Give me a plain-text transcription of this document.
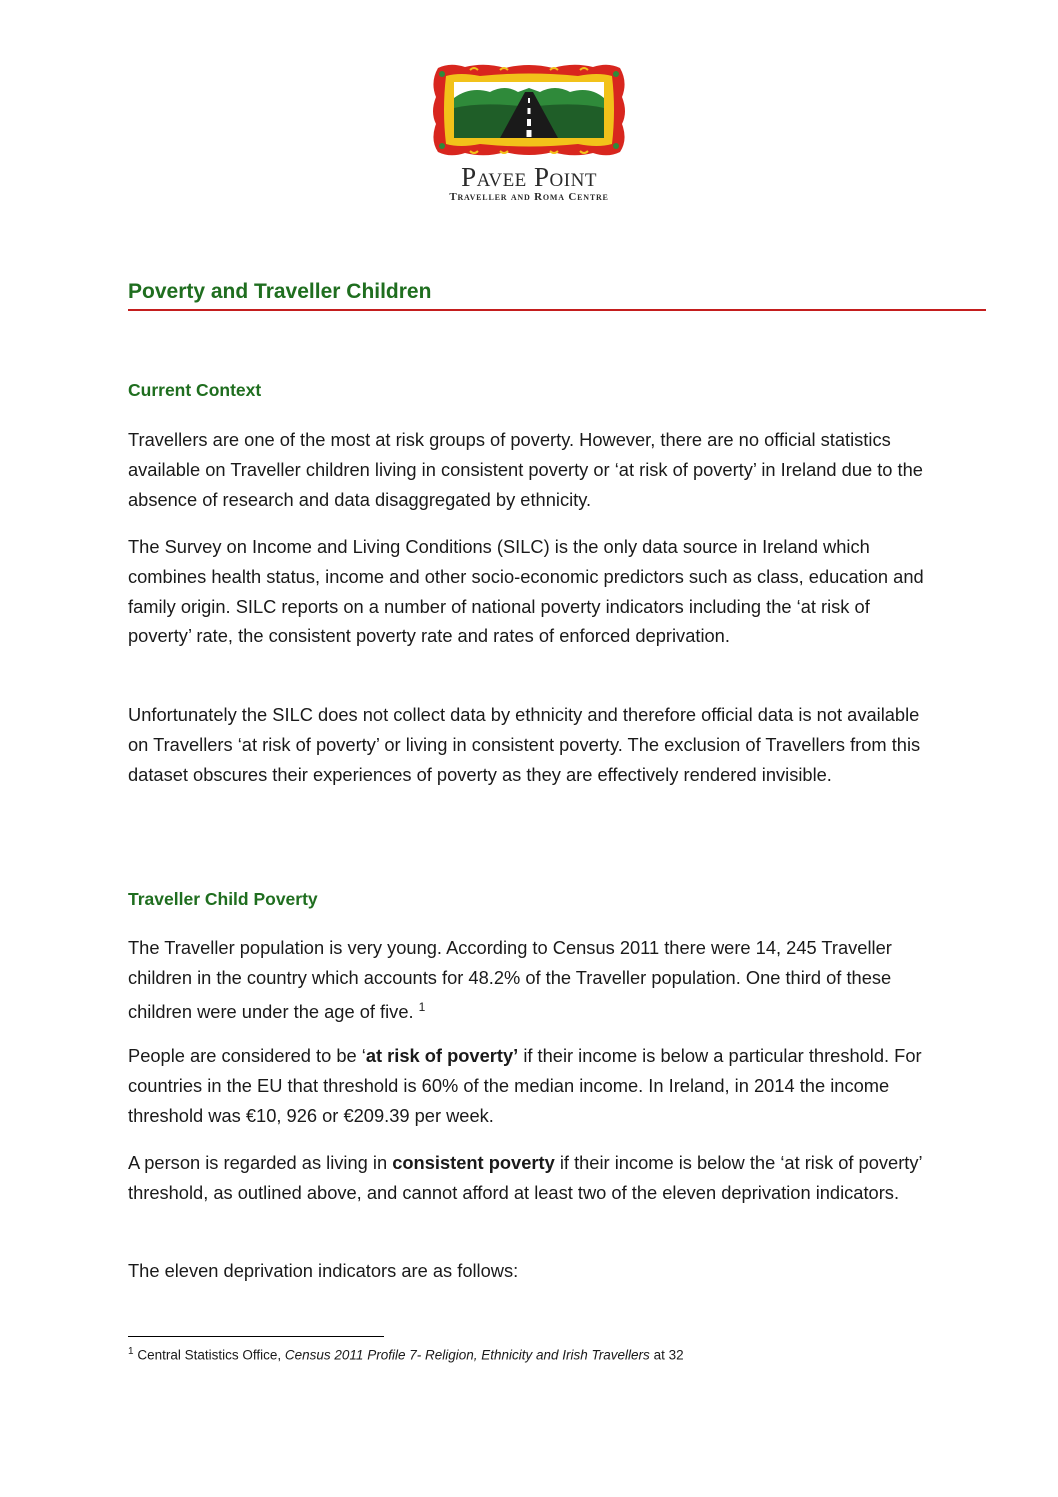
Pavee Point
Traveller and Roma Centre
Poverty and Traveller Children
Current Context
Travellers are one of the most at risk groups of poverty. However, there are no official statistics available on Traveller children living in consistent poverty or ‘at risk of poverty’ in Ireland due to the absence of research and data disaggregated by ethnicity.
The Survey on Income and Living Conditions (SILC) is the only data source in Ireland which combines health status, income and other socio-economic predictors such as class, education and family origin. SILC reports on a number of national poverty indicators including the ‘at risk of poverty’ rate, the consistent poverty rate and rates of enforced deprivation.
Unfortunately the SILC does not collect data by ethnicity and therefore official data is not available on Travellers ‘at risk of poverty’ or living in consistent poverty. The exclusion of Travellers from this dataset obscures their experiences of poverty as they are effectively rendered invisible.
Traveller Child Poverty
The Traveller population is very young. According to Census 2011 there were 14, 245 Traveller children in the country which accounts for 48.2% of the Traveller population. One third of these children were under the age of five. $^1$
People are considered to be ‘at risk of poverty’ if their income is below a particular threshold. For countries in the EU that threshold is 60% of the median income. In Ireland, in 2014 the income threshold was €10, 926 or €209.39 per week.
A person is regarded as living in consistent poverty if their income is below the ‘at risk of poverty’ threshold, as outlined above, and cannot afford at least two of the eleven deprivation indicators.
The eleven deprivation indicators are as follows:
$^1$ Central Statistics Office, Census 2011 Profile 7- Religion, Ethnicity and Irish Travellers at 32
